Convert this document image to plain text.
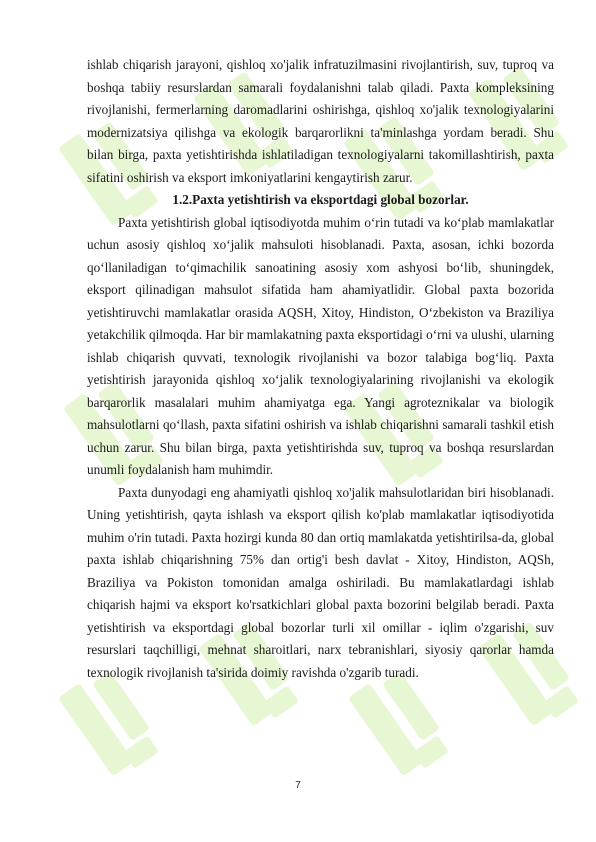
ishlab chiqarish jarayoni, qishloq xo'jalik infratuzilmasini rivojlantirish, suv, tuproq va boshqa tabiiy resurslardan samarali foydalanishni talab qiladi. Paxta kompleksining rivojlanishi, fermerlarning daromadlarini oshirishga, qishloq xo'jalik texnologiyalarini modernizatsiya qilishga va ekologik barqarorlikni ta'minlashga yordam beradi. Shu bilan birga, paxta yetishtirishda ishlatiladigan texnologiyalarni takomillashtirish, paxta sifatini oshirish va eksport imkoniyatlarini kengaytirish zarur.

1.2.Paxta yetishtirish va eksportdagi global bozorlar.

Paxta yetishtirish global iqtisodiyotda muhim o‘rin tutadi va ko‘plab mamlakatlar uchun asosiy qishloq xo‘jalik mahsuloti hisoblanadi. Paxta, asosan, ichki bozorda qo‘llaniladigan to‘qimachilik sanoatining asosiy xom ashyosi bo‘lib, shuningdek, eksport qilinadigan mahsulot sifatida ham ahamiyatlidir. Global paxta bozorida yetishtiruvchi mamlakatlar orasida AQSH, Xitoy, Hindiston, O‘zbekiston va Braziliya yetakchilik qilmoqda. Har bir mamlakatning paxta eksportidagi o‘rni va ulushi, ularning ishlab chiqarish quvvati, texnologik rivojlanishi va bozor talabiga bog‘liq. Paxta yetishtirish jarayonida qishloq xo‘jalik texnologiyalarining rivojlanishi va ekologik barqarorlik masalalari muhim ahamiyatga ega. Yangi agroteznikalar va biologik mahsulotlarni qo‘llash, paxta sifatini oshirish va ishlab chiqarishni samarali tashkil etish uchun zarur. Shu bilan birga, paxta yetishtirishda suv, tuproq va boshqa resurslardan unumli foydalanish ham muhimdir.

Paxta dunyodagi eng ahamiyatli qishloq xo'jalik mahsulotlaridan biri hisoblanadi. Uning yetishtirish, qayta ishlash va eksport qilish ko'plab mamlakatlar iqtisodiyotida muhim o'rin tutadi. Paxta hozirgi kunda 80 dan ortiq mamlakatda yetishtirilsa-da, global paxta ishlab chiqarishning 75% dan ortig'i besh davlat - Xitoy, Hindiston, AQSh, Braziliya va Pokiston tomonidan amalga oshiriladi. Bu mamlakatlardagi ishlab chiqarish hajmi va eksport ko'rsatkichlari global paxta bozorini belgilab beradi. Paxta yetishtirish va eksportdagi global bozorlar turli xil omillar - iqlim o'zgarishi, suv resurslari taqchilligi, mehnat sharoitlari, narx tebranishlari, siyosiy qarorlar hamda texnologik rivojlanish ta'sirida doimiy ravishda o'zgarib turadi.

7
